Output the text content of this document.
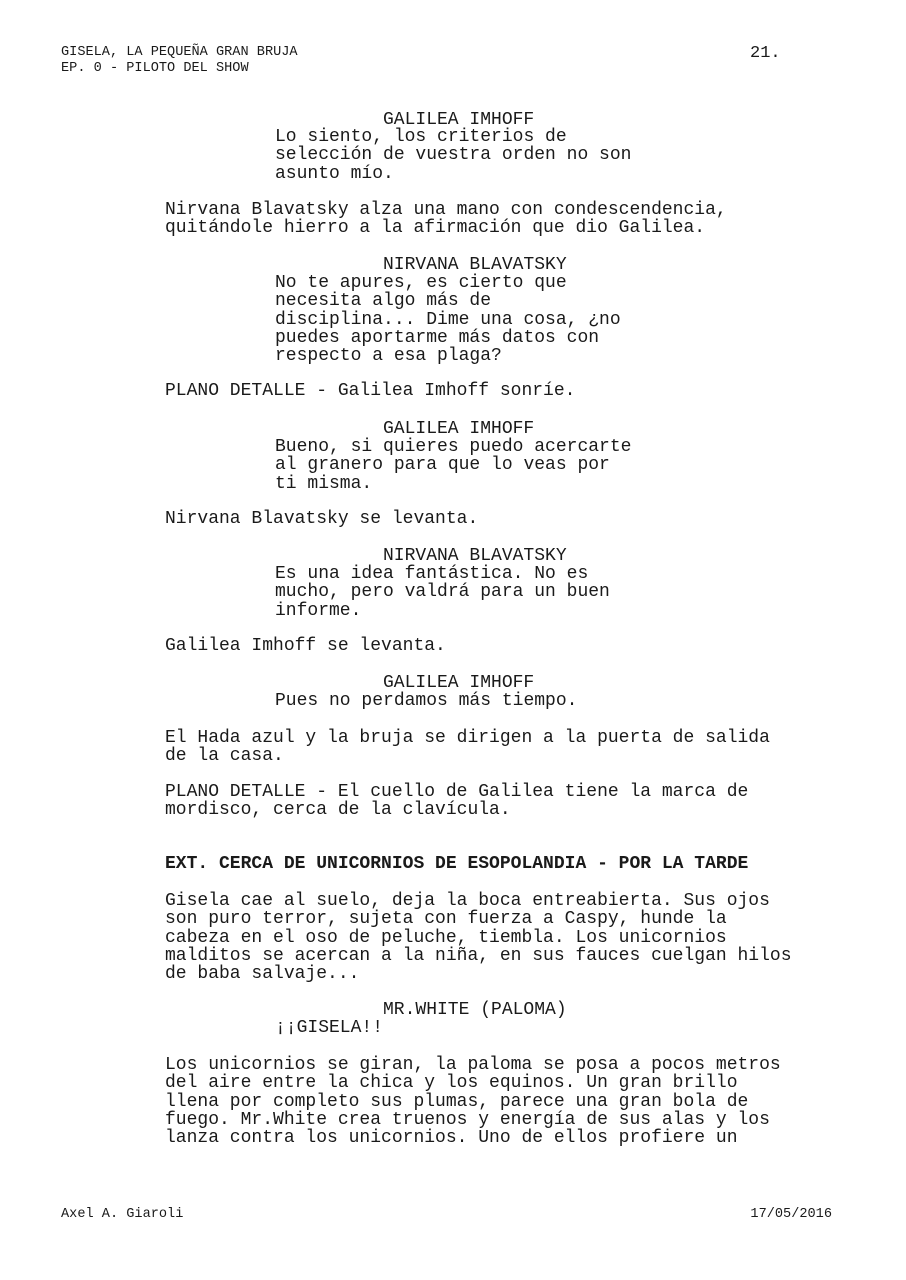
GISELA, LA PEQUEÑA GRAN BRUJA
EP. 0 - PILOTO DEL SHOW
21.
GALILEA IMHOFF
Lo siento, los criterios de
selección de vuestra orden no son
asunto mío.
Nirvana Blavatsky alza una mano con condescendencia,
quitándole hierro a la afirmación que dio Galilea.
NIRVANA BLAVATSKY
No te apures, es cierto que
necesita algo más de
disciplina... Dime una cosa, ¿no
puedes aportarme más datos con
respecto a esa plaga?
PLANO DETALLE - Galilea Imhoff sonríe.
GALILEA IMHOFF
Bueno, si quieres puedo acercarte
al granero para que lo veas por
ti misma.
Nirvana Blavatsky se levanta.
NIRVANA BLAVATSKY
Es una idea fantástica. No es
mucho, pero valdrá para un buen
informe.
Galilea Imhoff se levanta.
GALILEA IMHOFF
Pues no perdamos más tiempo.
El Hada azul y la bruja se dirigen a la puerta de salida
de la casa.
PLANO DETALLE - El cuello de Galilea tiene la marca de
mordisco, cerca de la clavícula.
EXT. CERCA DE UNICORNIOS DE ESOPOLANDIA - POR LA TARDE
Gisela cae al suelo, deja la boca entreabierta. Sus ojos
son puro terror, sujeta con fuerza a Caspy, hunde la
cabeza en el oso de peluche, tiembla. Los unicornios
malditos se acercan a la niña, en sus fauces cuelgan hilos
de baba salvaje...
MR.WHITE (PALOMA)
¡¡GISELA!!
Los unicornios se giran, la paloma se posa a pocos metros
del aire entre la chica y los equinos. Un gran brillo
llena por completo sus plumas, parece una gran bola de
fuego. Mr.White crea truenos y energía de sus alas y los
lanza contra los unicornios. Uno de ellos profiere un
Axel A. Giaroli	17/05/2016
